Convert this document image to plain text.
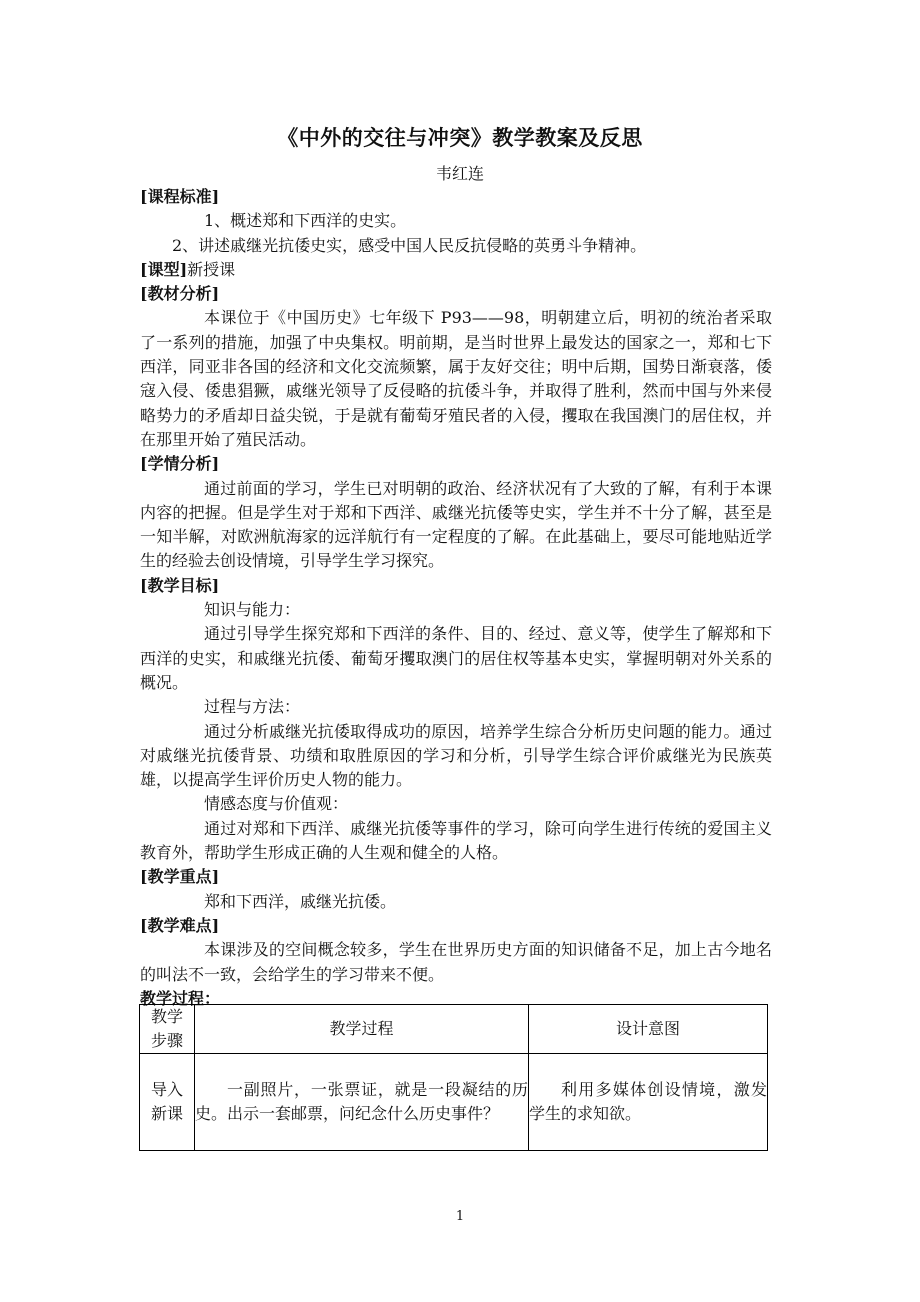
《中外的交往与冲突》教学教案及反思
韦红连

[课程标准]

1、概述郑和下西洋的史实。

2、讲述戚继光抗倭史实，感受中国人民反抗侵略的英勇斗争精神。

[课型]新授课

[教材分析]

本课位于《中国历史》七年级下 P93——98，明朝建立后，明初的统治者采取了一系列的措施，加强了中央集权。明前期，是当时世界上最发达的国家之一，郑和七下西洋，同亚非各国的经济和文化交流频繁，属于友好交往；明中后期，国势日渐衰落，倭寇入侵、倭患猖獗，戚继光领导了反侵略的抗倭斗争，并取得了胜利，然而中国与外来侵略势力的矛盾却日益尖锐，于是就有葡萄牙殖民者的入侵，攫取在我国澳门的居住权，并在那里开始了殖民活动。

[学情分析]

通过前面的学习，学生已对明朝的政治、经济状况有了大致的了解，有利于本课内容的把握。但是学生对于郑和下西洋、戚继光抗倭等史实，学生并不十分了解，甚至是一知半解，对欧洲航海家的远洋航行有一定程度的了解。在此基础上，要尽可能地贴近学生的经验去创设情境，引导学生学习探究。

[教学目标]

知识与能力：

通过引导学生探究郑和下西洋的条件、目的、经过、意义等，使学生了解郑和下西洋的史实，和戚继光抗倭、葡萄牙攫取澳门的居住权等基本史实，掌握明朝对外关系的概况。

过程与方法：

通过分析戚继光抗倭取得成功的原因，培养学生综合分析历史问题的能力。通过对戚继光抗倭背景、功绩和取胜原因的学习和分析，引导学生综合评价戚继光为民族英雄，以提高学生评价历史人物的能力。

情感态度与价值观：

通过对郑和下西洋、戚继光抗倭等事件的学习，除可向学生进行传统的爱国主义教育外，帮助学生形成正确的人生观和健全的人格。

[教学重点]

郑和下西洋，戚继光抗倭。

[教学难点]

本课涉及的空间概念较多，学生在世界历史方面的知识储备不足，加上古今地名的叫法不一致，会给学生的学习带来不便。

教学过程：

教学步骤	教学过程	设计意图

导入新课	一副照片，一张票证，就是一段凝结的历史。出示一套邮票，问纪念什么历史事件？	利用多媒体创设情境，激发学生的求知欲。
1
